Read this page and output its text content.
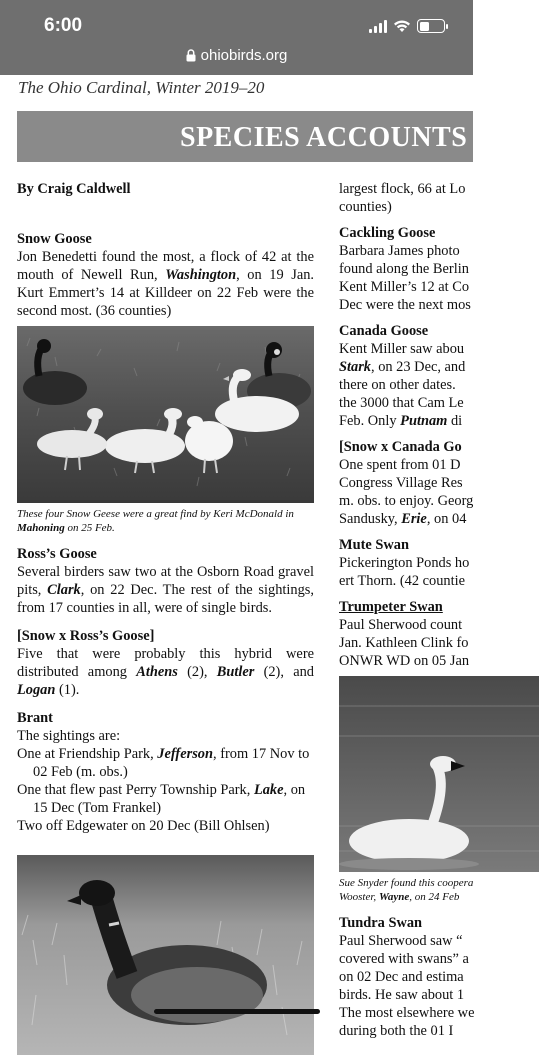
6:00
ohiobirds.org
The Ohio Cardinal, Winter 2019–20
SPECIES ACCOUNTS
By Craig Caldwell
Snow Goose

Jon Benedetti found the most, a flock of 42 at the mouth of Newell Run, Washington, on 19 Jan. Kurt Emmert’s 14 at Killdeer on 22 Feb were the second most. (36 counties)

These four Snow Geese were a great find by Keri McDonald in Mahoning on 25 Feb.
Ross’s Goose

Several birders saw two at the Osborn Road gravel pits, Clark, on 22 Dec. The rest of the sightings, from 17 counties in all, were of single birds.

[Snow x Ross’s Goose]

Five that were probably this hybrid were distributed among Athens (2), Butler (2), and Logan (1).

Brant
The sightings are:
One at Friendship Park, Jefferson, from 17 Nov to 02 Feb (m. obs.)
One that flew past Perry Township Park, Lake, on 15 Dec (Tom Frankel)
Two off Edgewater on 20 Dec (Bill Ohlsen)
largest flock, 66 at Lo
counties)
Cackling Goose
Barbara James photo
found along the Berlin
Kent Miller’s 12 at Co
Dec were the next mos
Canada Goose
Kent Miller saw abou
Stark, on 23 Dec, and
there on other dates.
the 3000 that Cam Le
Feb. Only Putnam di
[Snow x Canada Go
One spent from 01 D
Congress Village Res
m. obs. to enjoy. Georg
Sandusky, Erie, on 04
Mute Swan
Pickerington Ponds ho
ert Thorn. (42 countie
Trumpeter Swan
Paul Sherwood count
Jan. Kathleen Clink fo
ONWR WD on 05 Jan
Sue Snyder found this coopera
Wooster, Wayne, on 24 Feb
Tundra Swan
Paul Sherwood saw “
covered with swans” a
on 02 Dec and estima
birds. He saw about 1
The most elsewhere we
during both the 01 I
